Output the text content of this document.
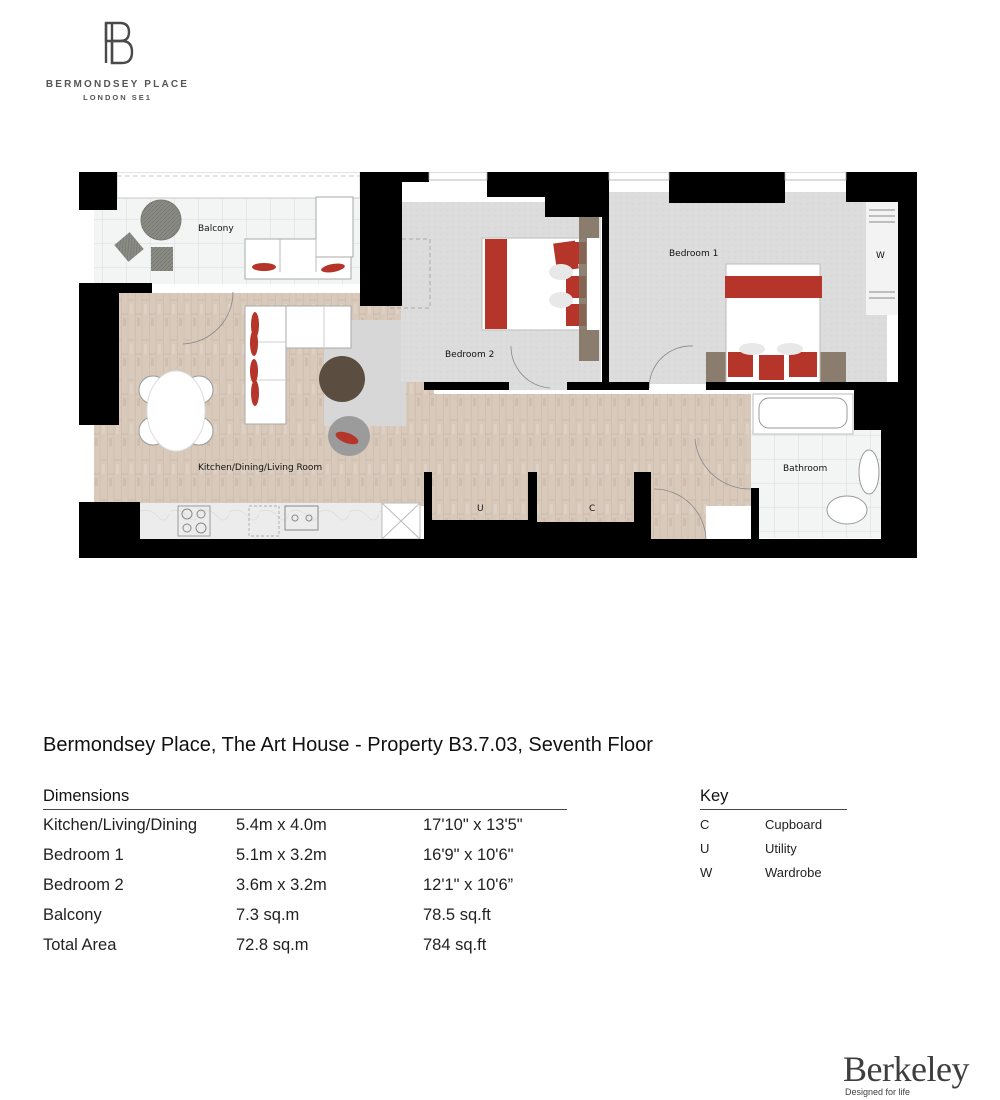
BERMONDSEY PLACE
LONDON SE1
Balcony
Bedroom 1
Bedroom 2
Kitchen/Dining/Living Room	Bathroom
U	C
W
Bermondsey Place, The Art House - Property B3.7.03, Seventh Floor
Dimensions
Kitchen/Living/Dining	5.4m x 4.0m	17'10" x 13'5"
Bedroom 1	5.1m x 3.2m	16'9" x 10'6"
Bedroom 2	3.6m x 3.2m	12'1" x 10'6”
Balcony	7.3 sq.m	78.5 sq.ft
Total Area	72.8 sq.m	784 sq.ft
Key
C	Cupboard
U	Utility
W	Wardrobe
Berkeley
Designed for life
